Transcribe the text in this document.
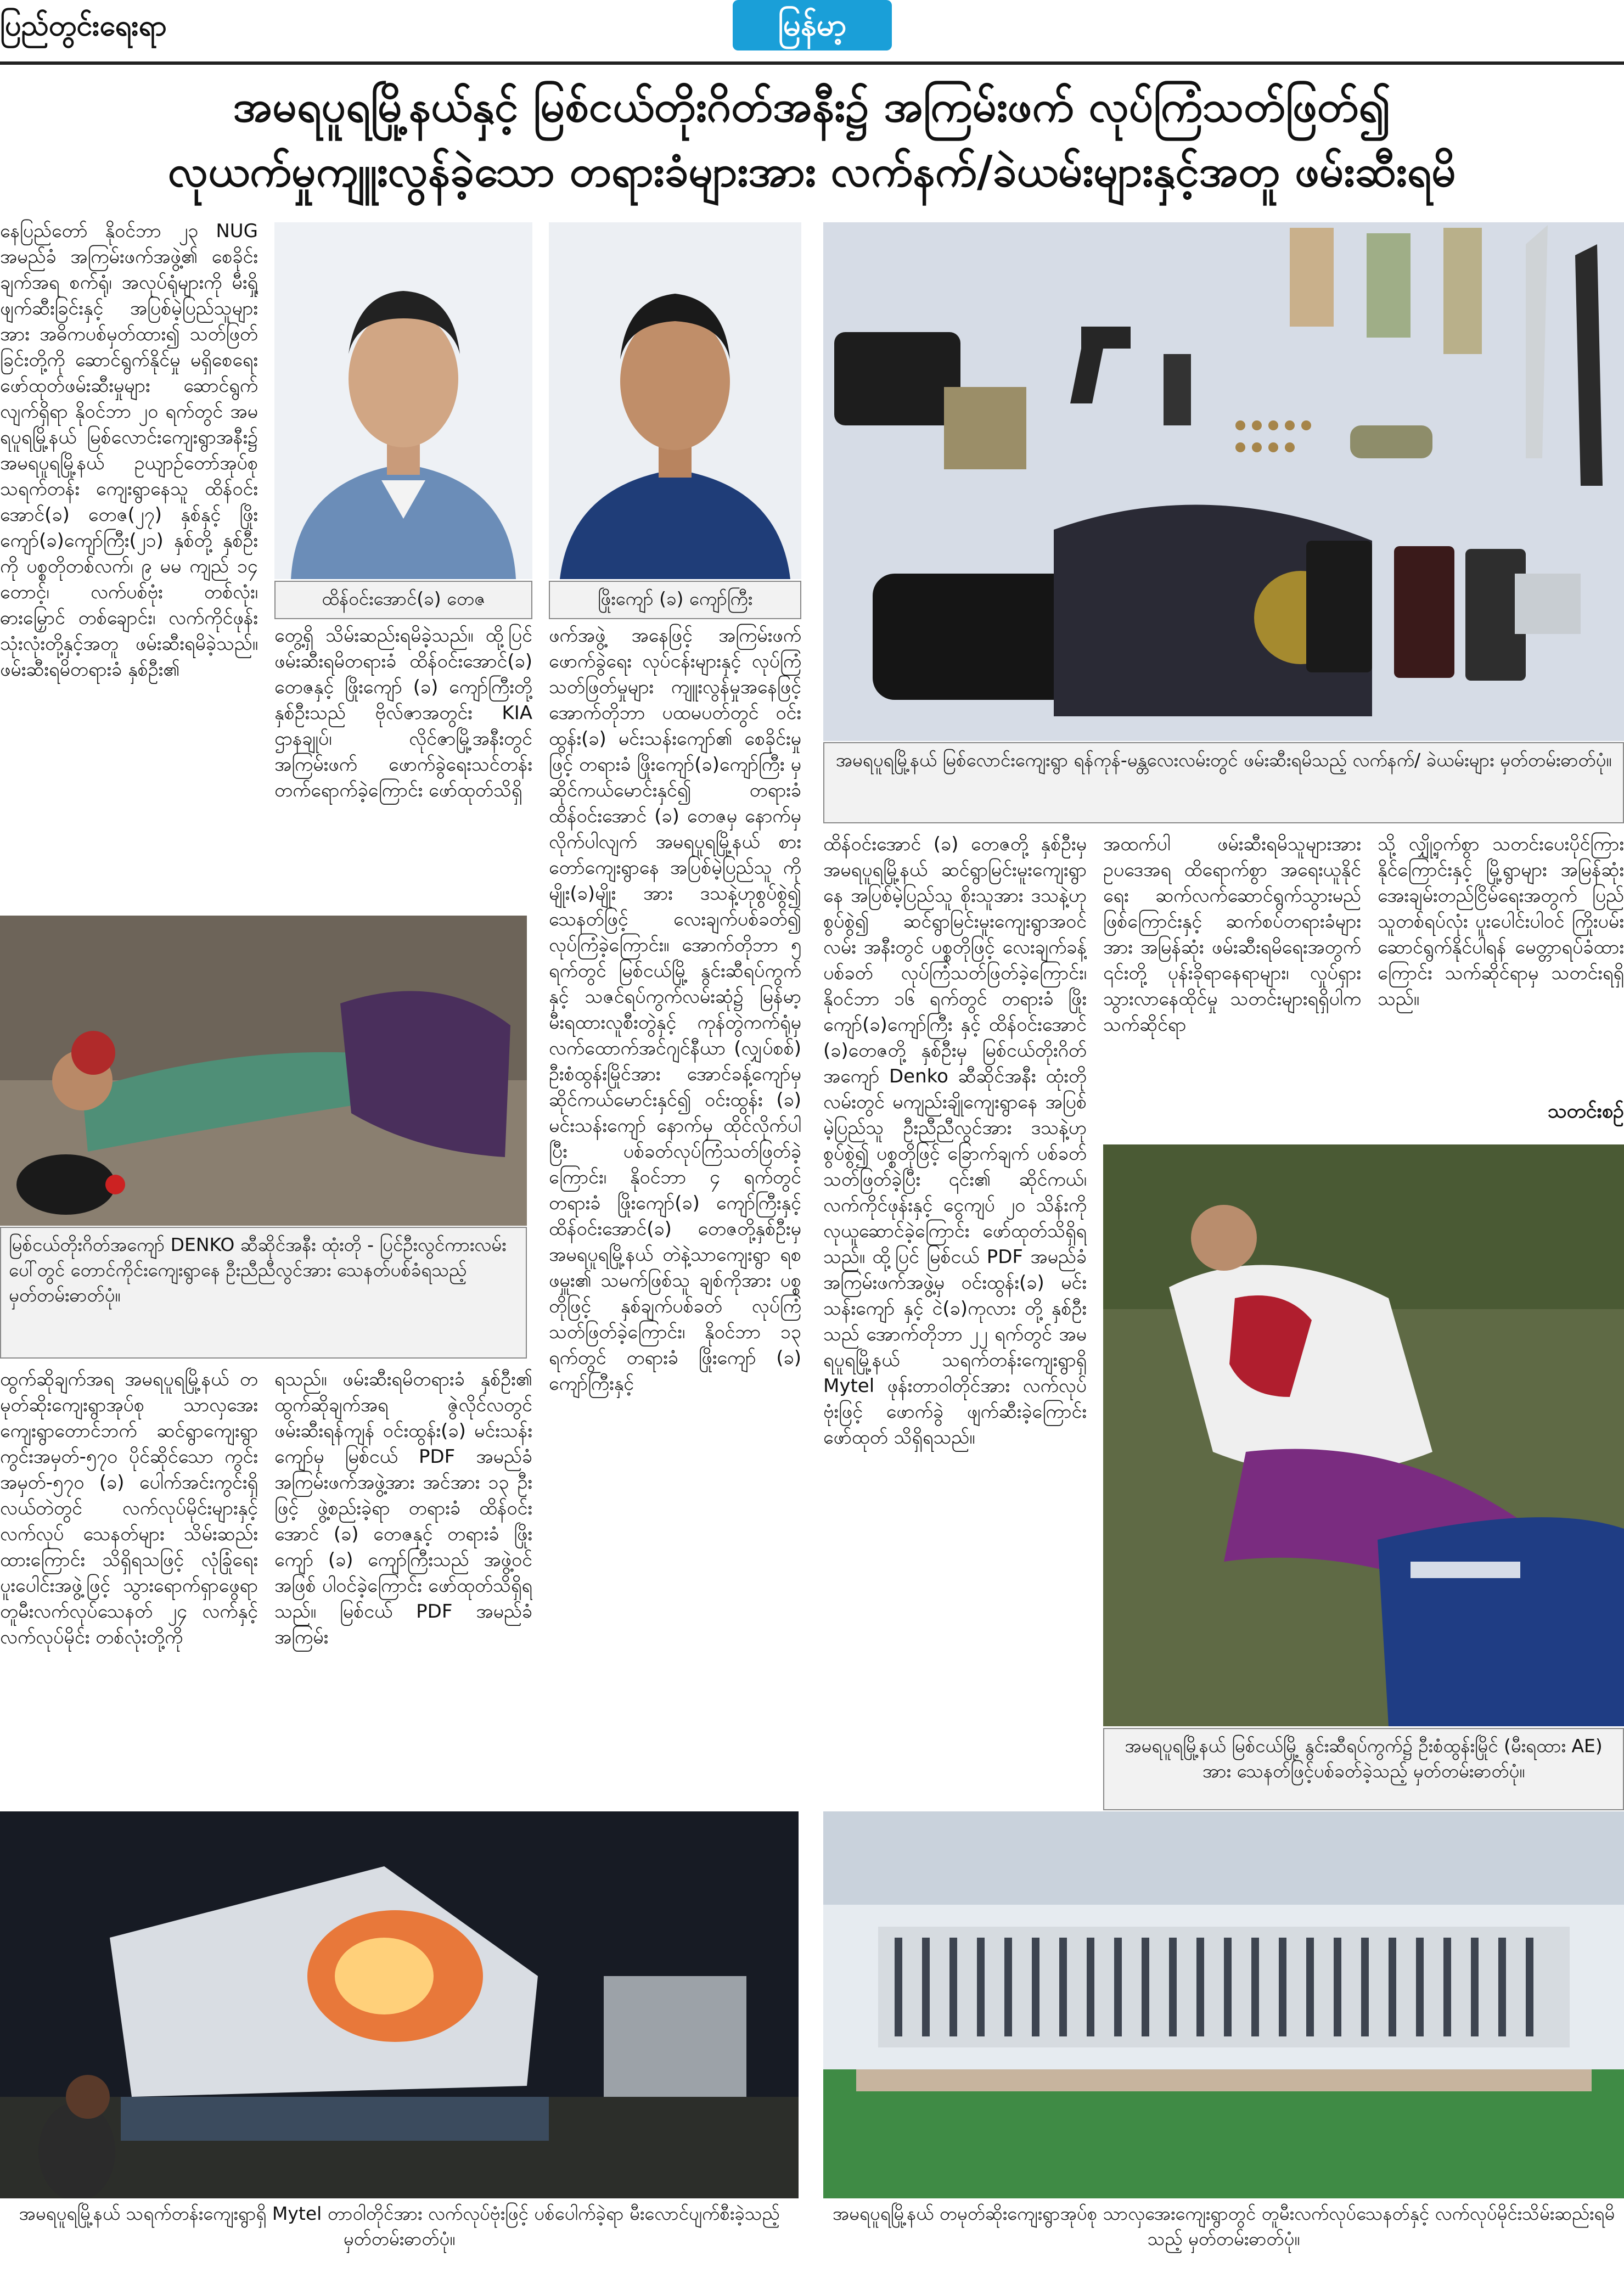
ပြည်တွင်းရေးရာ	မြန်မာ့
အမရပူရမြို့နယ်နှင့် မြစ်ငယ်တိုးဂိတ်အနီး၌ အကြမ်းဖက် လုပ်ကြံသတ်ဖြတ်၍
လုယက်မှုကျူးလွန်ခဲ့သော တရားခံများအား လက်နက်/ခဲယမ်းများနှင့်အတူ ဖမ်းဆီးရမိ
နေပြည်တော် နိုဝင်ဘာ ၂၃ NUG အမည်ခံ အကြမ်းဖက်အဖွဲ့၏ စေခိုင်းချက်အရ စက်ရုံ၊ အလုပ်ရုံများကို မီးရှို့ဖျက်ဆီးခြင်းနှင့် အပြစ်မဲ့ပြည်သူများအား အဓိကပစ်မှတ်ထား၍ သတ်ဖြတ်ခြင်းတို့ကို ဆောင်ရွက်နိုင်မှု မရှိစေရေး ဖော်ထုတ်ဖမ်းဆီးမှုများ ဆောင်ရွက်လျက်ရှိရာ နိုဝင်ဘာ ၂၀ ရက်တွင် အမရပူရမြို့နယ် မြစ်လောင်းကျေးရွာအနီး၌ အမရပူရမြို့နယ် ဥယျာဉ်တော်အုပ်စု သရက်တန်း ကျေးရွာနေသူ ထိန်ဝင်းအောင်(ခ) တေဇ(၂၇) နှစ်နှင့် ဖြိုးကျော်(ခ)ကျော်ကြီး(၂၁) နှစ်တို့ နှစ်ဦးကို ပစ္စတိုတစ်လက်၊ ၉ မမ ကျည် ၁၄ တောင့်၊ လက်ပစ်ဗုံး တစ်လုံး၊ ဓားမြှောင် တစ်ချောင်း၊ လက်ကိုင်ဖုန်း သုံးလုံးတို့နှင့်အတူ ဖမ်းဆီးရမိခဲ့သည်။ ဖမ်းဆီးရမိတရားခံ နှစ်ဦး၏
ထိန်ဝင်းအောင်(ခ) တေဇ	ဖြိုးကျော် (ခ) ကျော်ကြီး
အမရပူရမြို့နယ် မြစ်လောင်းကျေးရွာ ရန်ကုန်-မန္တလေးလမ်းတွင် ဖမ်းဆီးရမိသည့် လက်နက်/ ခဲယမ်းများ မှတ်တမ်းဓာတ်ပုံ။
တွေ့ရှိ သိမ်းဆည်းရမိခဲ့သည်။ ထို့ပြင် ဖမ်းဆီးရမိတရားခံ ထိန်ဝင်းအောင်(ခ) တေဇနှင့် ဖြိုးကျော် (ခ) ကျော်ကြီးတို့ နှစ်ဦးသည် ဗိုလ်ဇာအတွင်း KIA ဌာနချုပ်၊ လိုင်ဇာမြို့အနီးတွင် အကြမ်းဖက် ဖောက်ခွဲရေးသင်တန်း တက်ရောက်ခဲ့ကြောင်း ဖော်ထုတ်သိရှိ
ဖက်အဖွဲ့ အနေဖြင့် အကြမ်းဖက် ဖောက်ခွဲရေး လုပ်ငန်းများနှင့် လုပ်ကြံသတ်ဖြတ်မှုများ ကျူးလွန်မှုအနေဖြင့် အောက်တိုဘာ ပထမပတ်တွင် ဝင်းထွန်း(ခ) မင်းသန်းကျော်၏ စေခိုင်းမှုဖြင့် တရားခံ ဖြိုးကျော်(ခ)ကျော်ကြီး မှ ဆိုင်ကယ်မောင်းနှင်၍ တရားခံ ထိန်ဝင်းအောင် (ခ) တေဇမှ နောက်မှလိုက်ပါလျက် အမရပူရမြို့နယ် စားတော်ကျေးရွာနေ အပြစ်မဲ့ပြည်သူ ကိုမျိုး(ခ)မျိုး အား ဒသနဲ့ဟုစွပ်စွဲ၍ သေနတ်ဖြင့် လေးချက်ပစ်ခတ်၍ လုပ်ကြံခဲ့ကြောင်း။ အောက်တိုဘာ ၅ ရက်တွင် မြစ်ငယ်မြို့ နွင်းဆီရပ်ကွက်နှင့် သဇင်ရပ်ကွက်လမ်းဆုံ၌ မြန်မာ့မီးရထားလူစီးတွဲနှင့် ကုန်တွဲကက်ရုံမှ လက်ထောက်အင်ဂျင်နီယာ (လျှပ်စစ်) ဦးစံထွန်းမြိုင်အား အောင်ခန့်ကျော်မှ ဆိုင်ကယ်မောင်းနှင်၍ ဝင်းထွန်း (ခ) မင်းသန်းကျော် နောက်မှ ထိုင်လိုက်ပါပြီး ပစ်ခတ်လုပ်ကြံသတ်ဖြတ်ခဲ့ကြောင်း၊ နိုဝင်ဘာ ၄ ရက်တွင် တရားခံ ဖြိုးကျော်(ခ) ကျော်ကြီးနှင့် ထိန်ဝင်းအောင်(ခ) တေဇတို့နှစ်ဦးမှ အမရပူရမြို့နယ် တဲနဲ့သာကျေးရွာ ရစဖမှူး၏ သမက်ဖြစ်သူ ချစ်ကိုအား ပစ္စတိုဖြင့် နှစ်ချက်ပစ်ခတ် လုပ်ကြံ သတ်ဖြတ်ခဲ့ကြောင်း၊ နိုဝင်ဘာ ၁၃ ရက်တွင် တရားခံ ဖြိုးကျော် (ခ) ကျော်ကြီးနှင့်
မြစ်ငယ်တိုးဂိတ်အကျော် DENKO ဆီဆိုင်အနီး ထုံးတို - ပြင်ဦးလွင်ကားလမ်းပေါ်တွင် တောင်ကိုင်းကျေးရွာနေ ဦးညီညီလွင်အား သေနတ်ပစ်ခံရသည့် မှတ်တမ်းဓာတ်ပုံ။
ထိန်ဝင်းအောင် (ခ) တေဇတို့ နှစ်ဦးမှ အမရပူရမြို့နယ် ဆင်ရွာမြင်းမူးကျေးရွာနေ အပြစ်မဲ့ပြည်သူ စိုးသူအား ဒသနဲ့ဟုစွပ်စွဲ၍ ဆင်ရွာမြင်းမူးကျေးရွာအဝင်လမ်း အနီးတွင် ပစ္စတိုဖြင့် လေးချက်ခန့် ပစ်ခတ် လုပ်ကြံသတ်ဖြတ်ခဲ့ကြောင်း၊ နိုဝင်ဘာ ၁၆ ရက်တွင် တရားခံ ဖြိုးကျော်(ခ)ကျော်ကြီး နှင့် ထိန်ဝင်းအောင် (ခ)တေဇတို့ နှစ်ဦးမှ မြစ်ငယ်တိုးဂိတ်အကျော် Denko ဆီဆိုင်အနီး ထုံးတိုလမ်းတွင် မကျည်းချိုကျေးရွာနေ အပြစ်မဲ့ပြည်သူ ဦးညီညီလွင်အား ဒသနဲ့ဟု စွပ်စွဲ၍ ပစ္စတိုဖြင့် ခြောက်ချက် ပစ်ခတ်သတ်ဖြတ်ခဲ့ပြီး ၎င်း၏ ဆိုင်ကယ်၊ လက်ကိုင်ဖုန်းနှင့် ငွေကျပ် ၂၀ သိန်းကိုလုယူဆောင်ခဲ့ကြောင်း ဖော်ထုတ်သိရှိရသည်။ ထို့ပြင် မြစ်ငယ် PDF အမည်ခံ အကြမ်းဖက်အဖွဲ့မှ ဝင်းထွန်း(ခ) မင်းသန်းကျော် နှင့် ငဲ(ခ)ကုလား တို့ နှစ်ဦးသည် အောက်တိုဘာ ၂၂ ရက်တွင် အမရပူရမြို့နယ် သရက်တန်းကျေးရွာရှိ Mytel ဖုန်းတာဝါတိုင်အား လက်လုပ်ဗုံးဖြင့် ဖောက်ခွဲ ဖျက်ဆီးခဲ့ကြောင်း ဖော်ထုတ် သိရှိရသည်။
အထက်ပါ ဖမ်းဆီးရမိသူများအား ဥပဒေအရ ထိရောက်စွာ အရေးယူနိုင်ရေး ဆက်လက်ဆောင်ရွက်သွားမည်ဖြစ်ကြောင်းနှင့် ဆက်စပ်တရားခံများအား အမြန်ဆုံး ဖမ်းဆီးရမိရေးအတွက် ၎င်းတို့ ပုန်းခိုရာနေရာများ၊ လှုပ်ရှား သွားလာနေထိုင်မှု သတင်းများရရှိပါက သက်ဆိုင်ရာ
သို့ လျှို့ဝှက်စွာ သတင်းပေးပိုင်ကြားနိုင်ကြောင်းနှင့် မြို့ရွာများ အမြန်ဆုံး အေးချမ်းတည်ငြိမ်ရေးအတွက် ပြည်သူတစ်ရပ်လုံး ပူးပေါင်းပါဝင် ကြိုးပမ်းဆောင်ရွက်နိုင်ပါရန် မေတ္တာရပ်ခံထားကြောင်း သက်ဆိုင်ရာမှ သတင်းရရှိသည်။
သတင်းစဉ်
အမရပူရမြို့နယ် မြစ်ငယ်မြို့ နွင်းဆီရပ်ကွက်၌ ဦးစံထွန်းမြိုင် (မီးရထား AE) အား သေနတ်ဖြင့်ပစ်ခတ်ခဲ့သည့် မှတ်တမ်းဓာတ်ပုံ။
ထွက်ဆိုချက်အရ အမရပူရမြို့နယ် တမုတ်ဆိုးကျေးရွာအုပ်စု သာလှအေးကျေးရွာတောင်ဘက် ဆင်ရွာကျေးရွာ ကွင်းအမှတ်-၅၇၀ ပိုင်ဆိုင်သော ကွင်းအမှတ်-၅၇၀ (ခ) ပေါက်အင်းကွင်းရှိ လယ်တဲတွင် လက်လုပ်မိုင်းများနှင့် လက်လုပ် သေနတ်များ သိမ်းဆည်းထားကြောင်း သိရှိရသဖြင့် လုံခြုံရေး ပူးပေါင်းအဖွဲ့ဖြင့် သွားရောက်ရှာဖွေရာ တူမီးလက်လုပ်သေနတ် ၂၄ လက်နှင့် လက်လုပ်မိုင်း တစ်လုံးတို့ကို
ရသည်။ ဖမ်းဆီးရမိတရားခံ နှစ်ဦး၏ ထွက်ဆိုချက်အရ ဇွဲလိုင်လတွင် ဖမ်းဆီးရန်ကျန် ဝင်းထွန်း(ခ) မင်းသန်းကျော်မှ မြစ်ငယ် PDF အမည်ခံ အကြမ်းဖက်အဖွဲ့အား အင်အား ၁၃ ဦးဖြင့် ဖွဲ့စည်းခဲ့ရာ တရားခံ ထိန်ဝင်းအောင် (ခ) တေဇနှင့် တရားခံ ဖြိုးကျော် (ခ) ကျော်ကြီးသည် အဖွဲ့ဝင်အဖြစ် ပါဝင်ခဲ့ကြောင်း ဖော်ထုတ်သိရှိရသည်။ မြစ်ငယ် PDF အမည်ခံ အကြမ်း
အမရပူရမြို့နယ် သရက်တန်းကျေးရွာရှိ Mytel တာဝါတိုင်အား လက်လုပ်ဗုံးဖြင့် ပစ်ပေါက်ခဲ့ရာ မီးလောင်ပျက်စီးခဲ့သည့် မှတ်တမ်းဓာတ်ပုံ။
အမရပူရမြို့နယ် တမုတ်ဆိုးကျေးရွာအုပ်စု သာလှအေးကျေးရွာတွင် တူမီးလက်လုပ်သေနတ်နှင့် လက်လုပ်မိုင်းသိမ်းဆည်းရမိသည့် မှတ်တမ်းဓာတ်ပုံ။
